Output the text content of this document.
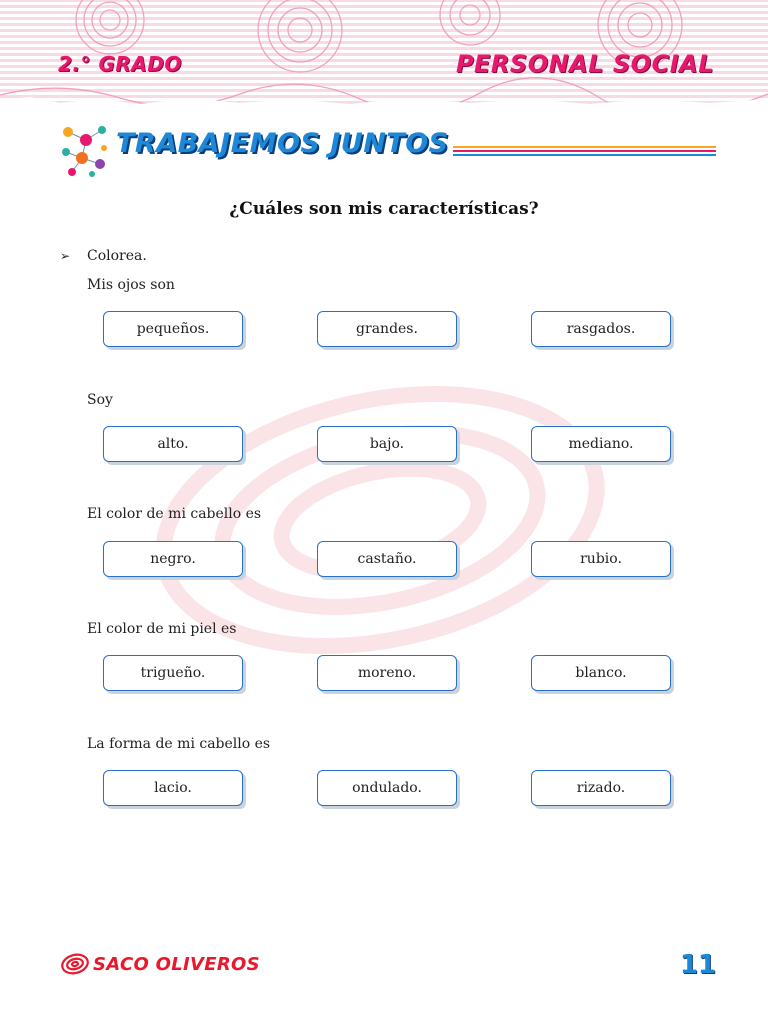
2.° GRADO	PERSONAL SOCIAL
TRABAJEMOS JUNTOS
¿Cuáles son mis características?
➢ Colorea.
Mis ojos son
pequeños.	grandes.	rasgados.
Soy
alto.	bajo.	mediano.
El color de mi cabello es
negro.	castaño.	rubio.
El color de mi piel es
trigueño.	moreno.	blanco.
La forma de mi cabello es
lacio.	ondulado.	rizado.
SACO OLIVEROS	11
